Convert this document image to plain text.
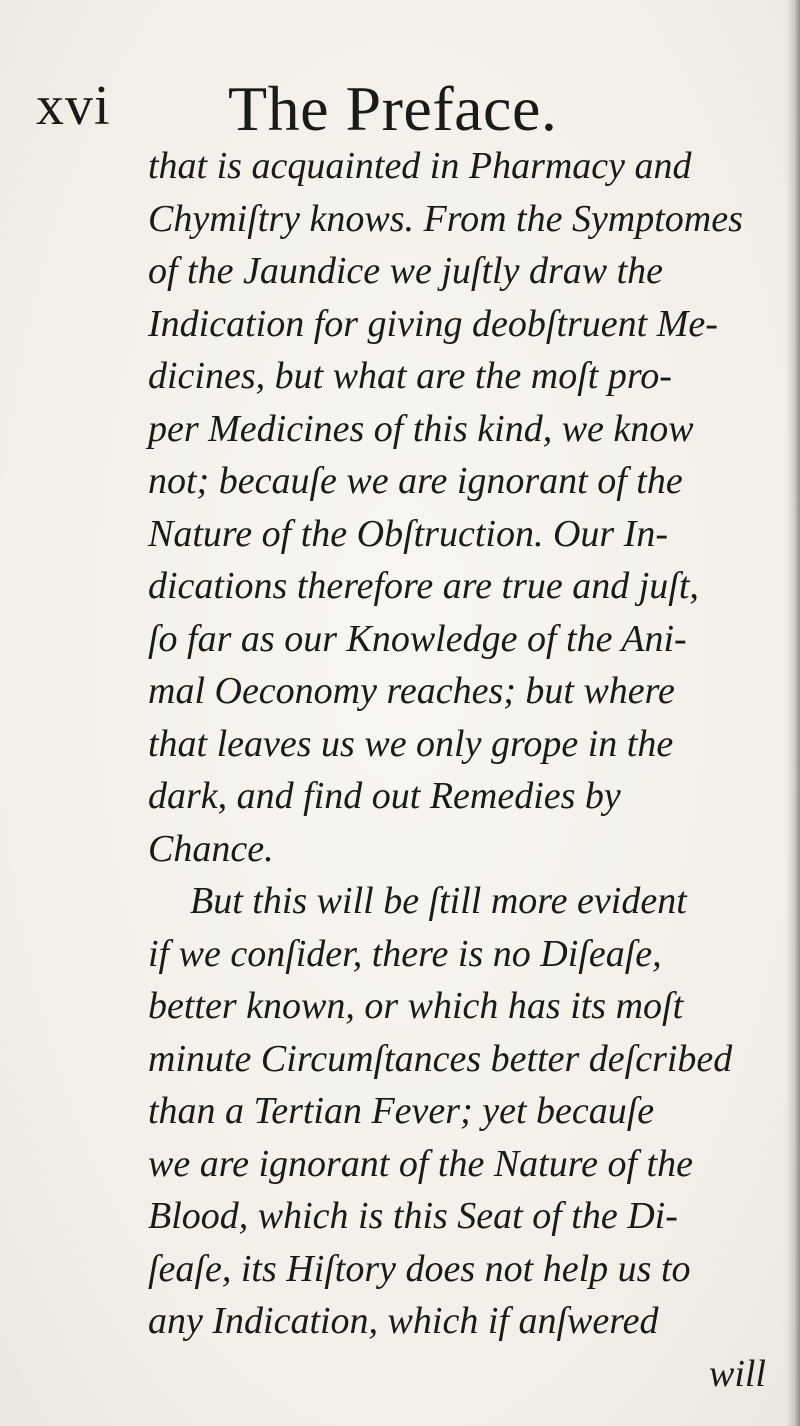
xvi The Preface.
that is acquainted in Pharmacy and
Chymiſtry knows. From the Symptomes
of the Jaundice we juſtly draw the
Indication for giving deobſtruent Me-
dicines, but what are the moſt pro-
per Medicines of this kind, we know
not; becauſe we are ignorant of the
Nature of the Obſtruction. Our In-
dications therefore are true and juſt,
ſo far as our Knowledge of the Ani-
mal Oeconomy reaches; but where
that leaves us we only grope in the
dark, and find out Remedies by
Chance.
But this will be ſtill more evident
if we conſider, there is no Diſeaſe,
better known, or which has its moſt
minute Circumſtances better deſcribed
than a Tertian Fever; yet becauſe
we are ignorant of the Nature of the
Blood, which is this Seat of the Di-
ſeaſe, its Hiſtory does not help us to
any Indication, which if anſwered
will
